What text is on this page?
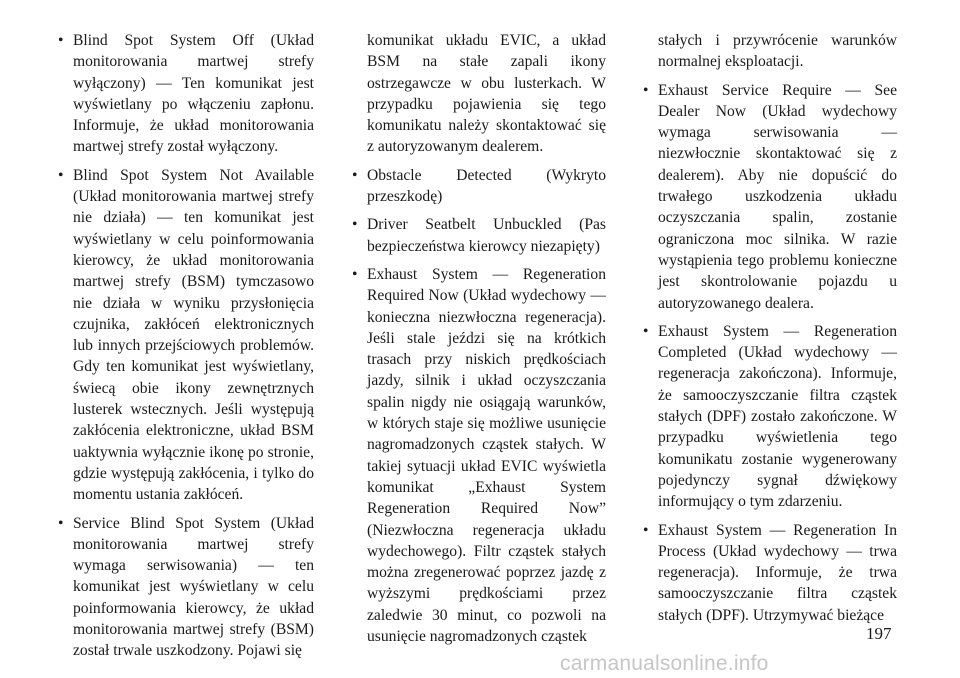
• Blind Spot System Off (Układ monitorowania martwej strefy wyłączony) — Ten komunikat jest wyświetlany po włączeniu zapłonu. Informuje, że układ monitorowania martwej strefy został wyłączony.
• Blind Spot System Not Available (Układ monitorowania martwej strefy nie działa) — ten komunikat jest wyświetlany w celu poinformowania kierowcy, że układ monitorowania martwej strefy (BSM) tymczasowo nie działa w wyniku przysłonięcia czujnika, zakłóceń elektronicznych lub innych przejściowych problemów. Gdy ten komunikat jest wyświetlany, świecą obie ikony zewnętrznych lusterek wstecznych. Jeśli występują zakłócenia elektroniczne, układ BSM uaktywnia wyłącznie ikonę po stronie, gdzie występują zakłócenia, i tylko do momentu ustania zakłóceń.
• Service Blind Spot System (Układ monitorowania martwej strefy wymaga serwisowania) — ten komunikat jest wyświetlany w celu poinformowania kierowcy, że układ monitorowania martwej strefy (BSM) został trwale uszkodzony. Pojawi się

komunikat układu EVIC, a układ BSM na stałe zapali ikony ostrzegawcze w obu lusterkach. W przypadku pojawienia się tego komunikatu należy skontaktować się z autoryzowanym dealerem.

• Obstacle Detected (Wykryto przeszkodę)
• Driver Seatbelt Unbuckled (Pas bezpieczeństwa kierowcy niezapięty)
• Exhaust System — Regeneration Required Now (Układ wydechowy — konieczna niezwłoczna regeneracja). Jeśli stale jeździ się na krótkich trasach przy niskich prędkościach jazdy, silnik i układ oczyszczania spalin nigdy nie osiągają warunków, w których staje się możliwe usunięcie nagromadzonych cząstek stałych. W takiej sytuacji układ EVIC wyświetla komunikat „Exhaust System Regeneration Required Now” (Niezwłoczna regeneracja układu wydechowego). Filtr cząstek stałych można zregenerować poprzez jazdę z wyższymi prędkościami przez zaledwie 30 minut, co pozwoli na usunięcie nagromadzonych cząstek

stałych i przywrócenie warunków normalnej eksploatacji.

• Exhaust Service Require — See Dealer Now (Układ wydechowy wymaga serwisowania — niezwłocznie skontaktować się z dealerem). Aby nie dopuścić do trwałego uszkodzenia układu oczyszczania spalin, zostanie ograniczona moc silnika. W razie wystąpienia tego problemu konieczne jest skontrolowanie pojazdu u autoryzowanego dealera.
• Exhaust System — Regeneration Completed (Układ wydechowy — regeneracja zakończona). Informuje, że samooczyszczanie filtra cząstek stałych (DPF) zostało zakończone. W przypadku wyświetlenia tego komunikatu zostanie wygenerowany pojedynczy sygnał dźwiękowy informujący o tym zdarzeniu.
• Exhaust System — Regeneration In Process (Układ wydechowy — trwa regeneracja). Informuje, że trwa samooczyszczanie filtra cząstek stałych (DPF). Utrzymywać bieżące
197
carmanualsonline.info
